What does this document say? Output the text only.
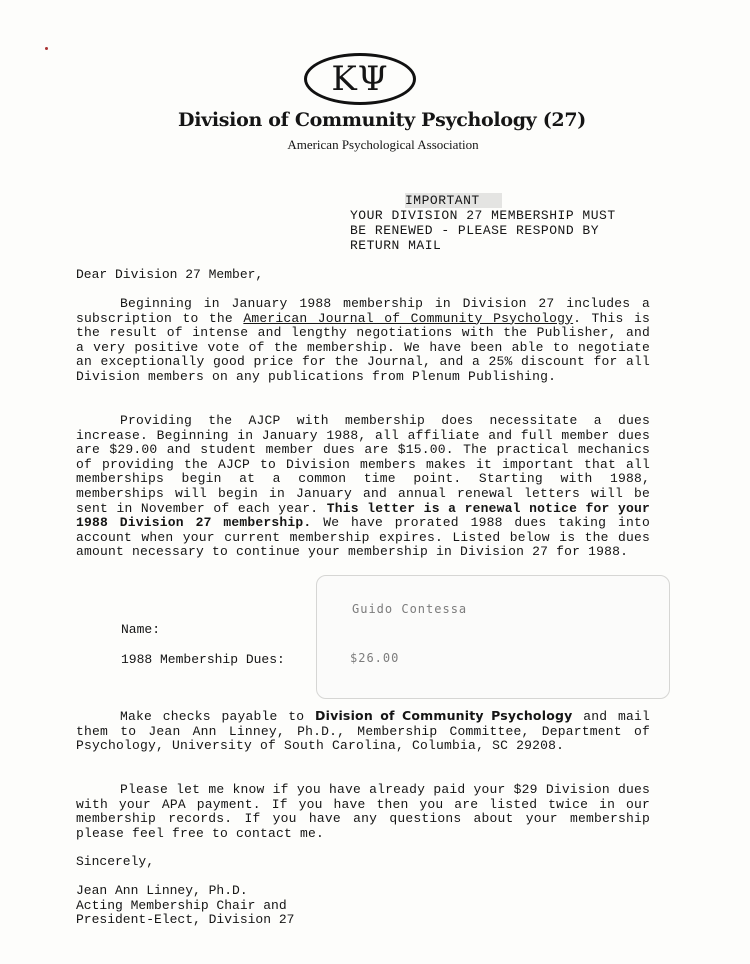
KΨ
Division of Community Psychology (27)
American Psychological Association
IMPORTANT
YOUR DIVISION 27 MEMBERSHIP MUST
BE RENEWED - PLEASE RESPOND BY
RETURN MAIL
Dear Division 27 Member,
Beginning in January 1988 membership in Division 27 includes a subscription to the American Journal of Community Psychology. This is the result of intense and lengthy negotiations with the Publisher, and a very positive vote of the membership. We have been able to negotiate an exceptionally good price for the Journal, and a 25% discount for all Division members on any publications from Plenum Publishing.
Providing the AJCP with membership does necessitate a dues increase. Beginning in January 1988, all affiliate and full member dues are $29.00 and student member dues are $15.00. The practical mechanics of providing the AJCP to Division members makes it important that all memberships begin at a common time point. Starting with 1988, memberships will begin in January and annual renewal letters will be sent in November of each year. This letter is a renewal notice for your 1988 Division 27 membership. We have prorated 1988 dues taking into account when your current membership expires. Listed below is the dues amount necessary to continue your membership in Division 27 for 1988.
Guido Contessa
$26.00
Name:
1988 Membership Dues:
Make checks payable to Division of Community Psychology and mail them to Jean Ann Linney, Ph.D., Membership Committee, Department of Psychology, University of South Carolina, Columbia, SC 29208.
Please let me know if you have already paid your $29 Division dues with your APA payment. If you have then you are listed twice in our membership records. If you have any questions about your membership please feel free to contact me.
Sincerely,
Jean Ann Linney, Ph.D.
Acting Membership Chair and
President-Elect, Division 27
